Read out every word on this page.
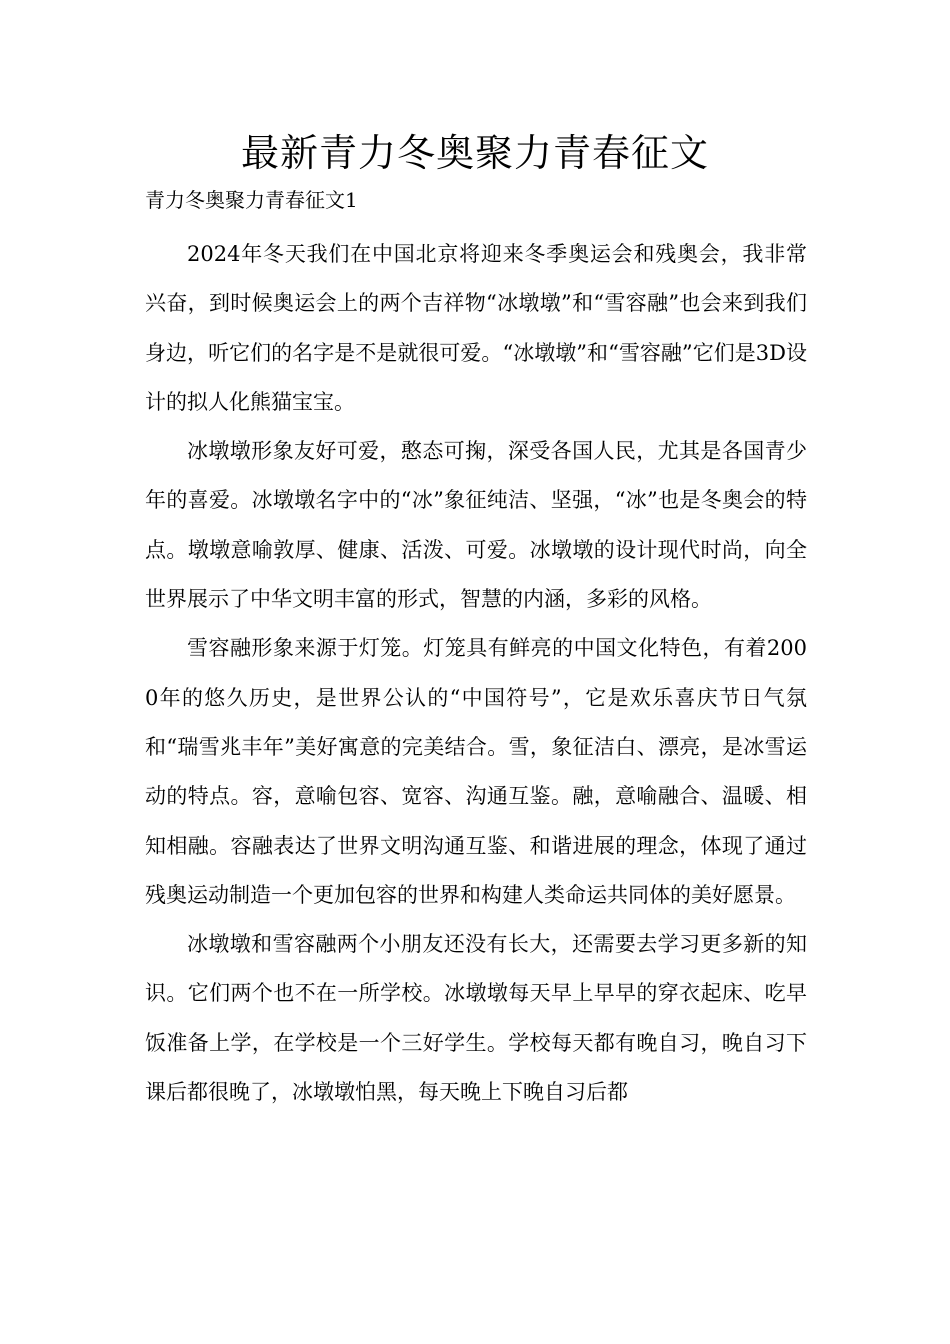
最新青力冬奥聚力青春征文

青力冬奥聚力青春征文1

2024年冬天我们在中国北京将迎来冬季奥运会和残奥会，我非常兴奋，到时候奥运会上的两个吉祥物“冰墩墩”和“雪容融”也会来到我们身边，听它们的名字是不是就很可爱。“冰墩墩”和“雪容融”它们是3D设计的拟人化熊猫宝宝。

冰墩墩形象友好可爱，憨态可掬，深受各国人民，尤其是各国青少年的喜爱。冰墩墩名字中的“冰”象征纯洁、坚强，“冰”也是冬奥会的特点。墩墩意喻敦厚、健康、活泼、可爱。冰墩墩的设计现代时尚，向全世界展示了中华文明丰富的形式，智慧的内涵，多彩的风格。

雪容融形象来源于灯笼。灯笼具有鲜亮的中国文化特色，有着2000年的悠久历史，是世界公认的“中国符号”，它是欢乐喜庆节日气氛和“瑞雪兆丰年”美好寓意的完美结合。雪，象征洁白、漂亮，是冰雪运动的特点。容，意喻包容、宽容、沟通互鉴。融，意喻融合、温暖、相知相融。容融表达了世界文明沟通互鉴、和谐进展的理念，体现了通过残奥运动制造一个更加包容的世界和构建人类命运共同体的美好愿景。

冰墩墩和雪容融两个小朋友还没有长大，还需要去学习更多新的知识。它们两个也不在一所学校。冰墩墩每天早上早早的穿衣起床、吃早饭准备上学，在学校是一个三好学生。学校每天都有晚自习，晚自习下课后都很晚了，冰墩墩怕黑，每天晚上下晚自习后都
